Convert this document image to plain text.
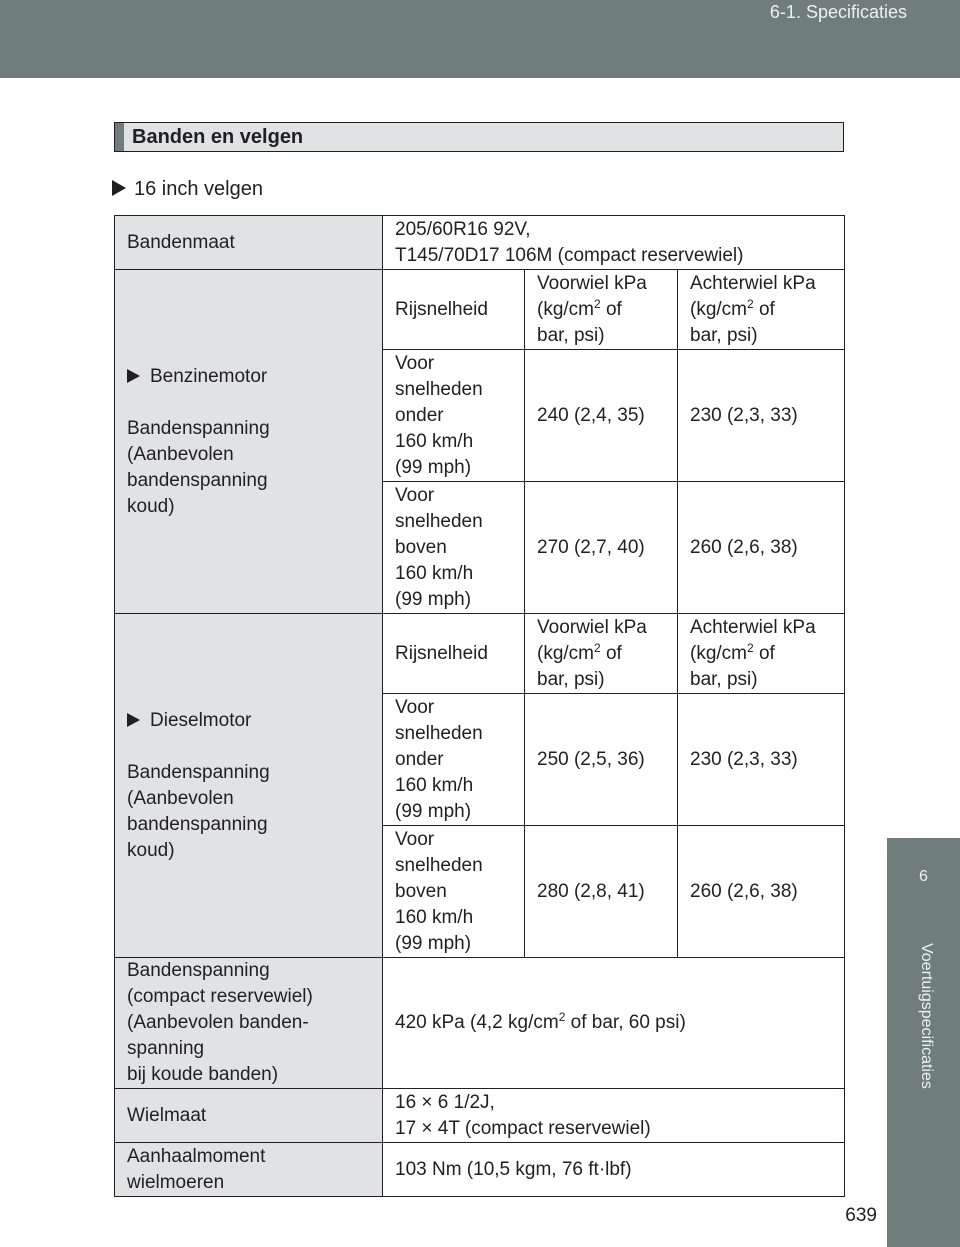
6-1. Specificaties
6
Voertuigspecificaties
Banden en velgen
16 inch velgen
Bandenmaat	205/60R16 92V,
T145/70D17 106M (compact reservewiel)		
Benzinemotor
Bandenspanning
(Aanbevolen
bandenspanning
koud)	Rijsnelheid	Voorwiel kPa
($kg/cm^2$ of
bar, psi)	Achterwiel kPa
($kg/cm^2$ of
bar, psi)
	Voor
snelheden
onder
160 km/h
(99 mph)	240 (2,4, 35)	230 (2,3, 33)
	Voor
snelheden
boven
160 km/h
(99 mph)	270 (2,7, 40)	260 (2,6, 38)
Dieselmotor
Bandenspanning
(Aanbevolen
bandenspanning
koud)	Rijsnelheid	Voorwiel kPa
($kg/cm^2$ of
bar, psi)	Achterwiel kPa
($kg/cm^2$ of
bar, psi)
	Voor
snelheden
onder
160 km/h
(99 mph)	250 (2,5, 36)	230 (2,3, 33)
	Voor
snelheden
boven
160 km/h
(99 mph)	280 (2,8, 41)	260 (2,6, 38)
Bandenspanning
(compact reservewiel)
(Aanbevolen banden-
spanning
bij koude banden)	420 kPa (4,2 $kg/cm^2$ of bar, 60 psi)		
Wielmaat	16 × 6 1/2J,
17 × 4T (compact reservewiel)		
Aanhaalmoment
wielmoeren	103 Nm (10,5 kgm, 76 ft·lbf)		
639
